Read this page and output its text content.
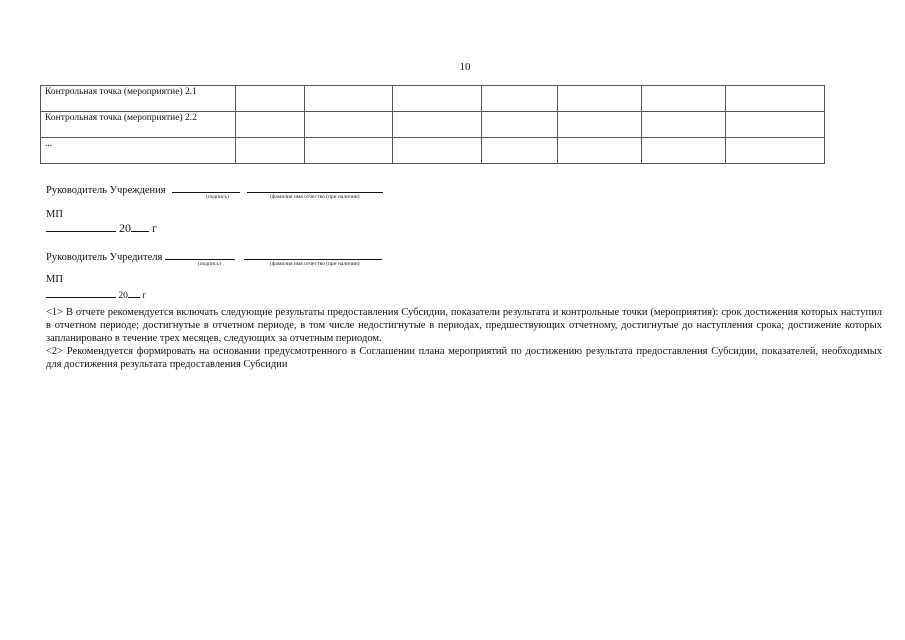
10
Контрольная точка (мероприятие) 2.1							
Контрольная точка (мероприятие) 2.2							
...							
Руководитель Учреждения
(подпись)	(фамилия имя отчество (при наличии)
МП
20 г
Руководитель Учредителя
(подпись)	(фамилия имя отчество (при наличии)
МП
20 г

<1> В отчете рекомендуется включать следующие результаты предоставления Субсидии, показатели результата и контрольные точки (мероприятия): срок достижения которых наступил в отчетном периоде; достигнутые в отчетном периоде, в том числе недостигнутые в периодах, предшествующих отчетному, достигнутые до наступления срока; достижение которых запланировано в течение трех месяцев, следующих за отчетным периодом.

<2> Рекомендуется формировать на основании предусмотренного в Соглашении плана мероприятий по достижению результата предоставления Субсидии, показателей, необходимых для достижения результата предоставления Субсидии
